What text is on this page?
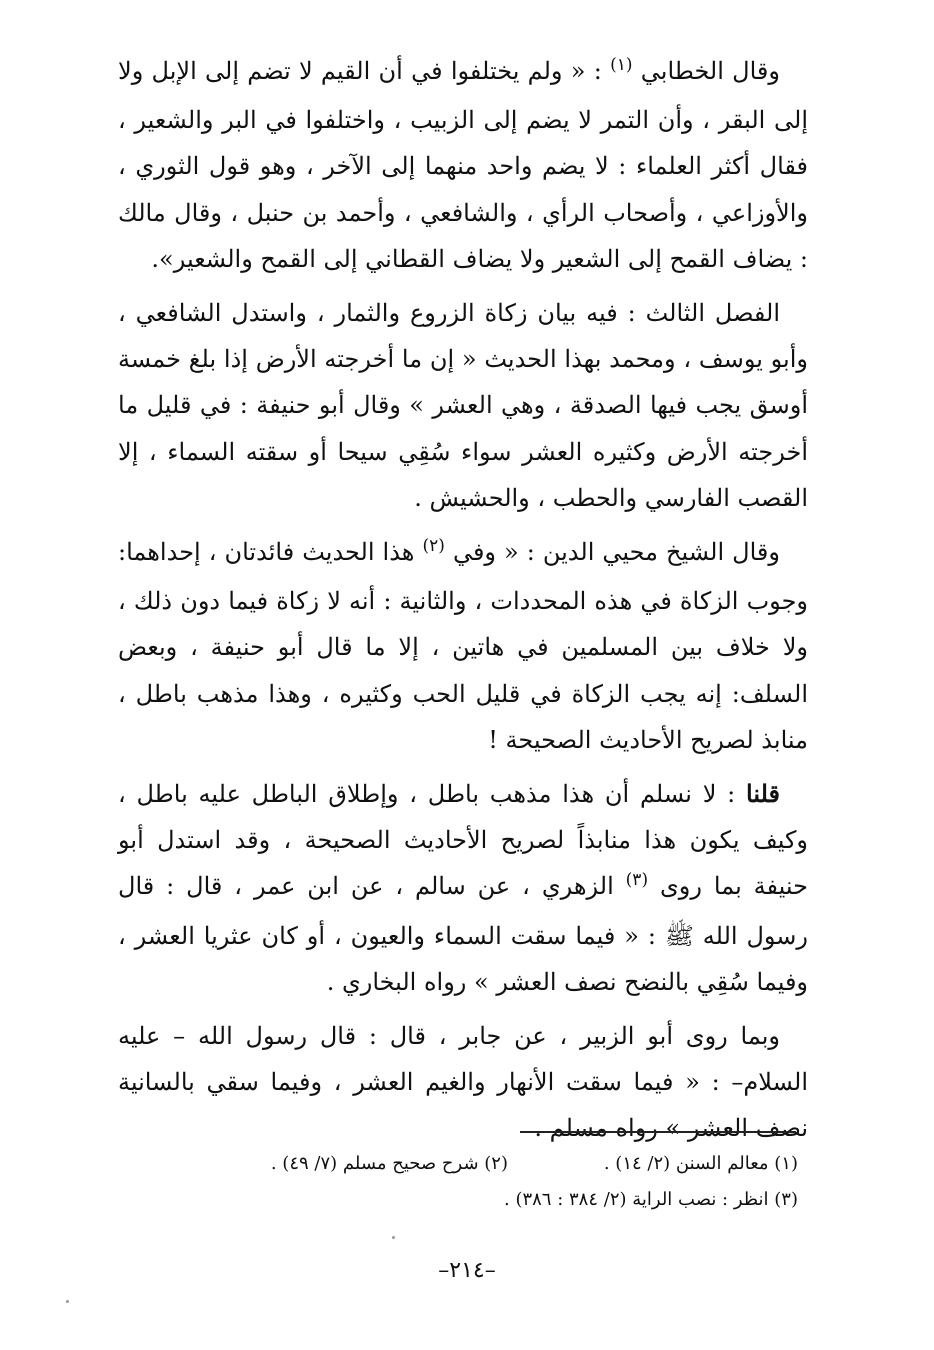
وقال الخطابي $^{(١)}$ : « ولم يختلفوا في أن القيم لا تضم إلى الإبل ولا إلى البقر ، وأن التمر لا يضم إلى الزبيب ، واختلفوا في البر والشعير ، فقال أكثر العلماء : لا يضم واحد منهما إلى الآخر ، وهو قول الثوري ، والأوزاعي ، وأصحاب الرأي ، والشافعي ، وأحمد بن حنبل ، وقال مالك : يضاف القمح إلى الشعير ولا يضاف القطاني إلى القمح والشعير».

الفصل الثالث : فيه بيان زكاة الزروع والثمار ، واستدل الشافعي ، وأبو يوسف ، ومحمد بهذا الحديث « إن ما أخرجته الأرض إذا بلغ خمسة أوسق يجب فيها الصدقة ، وهي العشر » وقال أبو حنيفة : في قليل ما أخرجته الأرض وكثيره العشر سواء سُقِي سيحا أو سقته السماء ، إلا القصب الفارسي والحطب ، والحشيش .

وقال الشيخ محيي الدين : « وفي $^{(٢)}$ هذا الحديث فائدتان ، إحداهما: وجوب الزكاة في هذه المحددات ، والثانية : أنه لا زكاة فيما دون ذلك ، ولا خلاف بين المسلمين في هاتين ، إلا ما قال أبو حنيفة ، وبعض السلف: إنه يجب الزكاة في قليل الحب وكثيره ، وهذا مذهب باطل ، منابذ لصريح الأحاديث الصحيحة !

قلنا : لا نسلم أن هذا مذهب باطل ، وإطلاق الباطل عليه باطل ، وكيف يكون هذا منابذاً لصريح الأحاديث الصحيحة ، وقد استدل أبو حنيفة بما روى $^{(٣)}$ الزهري ، عن سالم ، عن ابن عمر ، قال : قال رسول الله ﷺ : « فيما سقت السماء والعيون ، أو كان عثريا العشر ، وفيما سُقِي بالنضح نصف العشر » رواه البخاري .

وبما روى أبو الزبير ، عن جابر ، قال : قال رسول الله – عليه السلام– : « فيما سقت الأنهار والغيم العشر ، وفيما سقي بالسانية نصف العشر » رواه مسلم .

(١) معالم السنن (٢/ ١٤) .
(٢) شرح صحيح مسلم (٧/ ٤٩) .
(٣) انظر : نصب الراية (٢/ ٣٨٤ : ٣٨٦) .
–٢١٤–
